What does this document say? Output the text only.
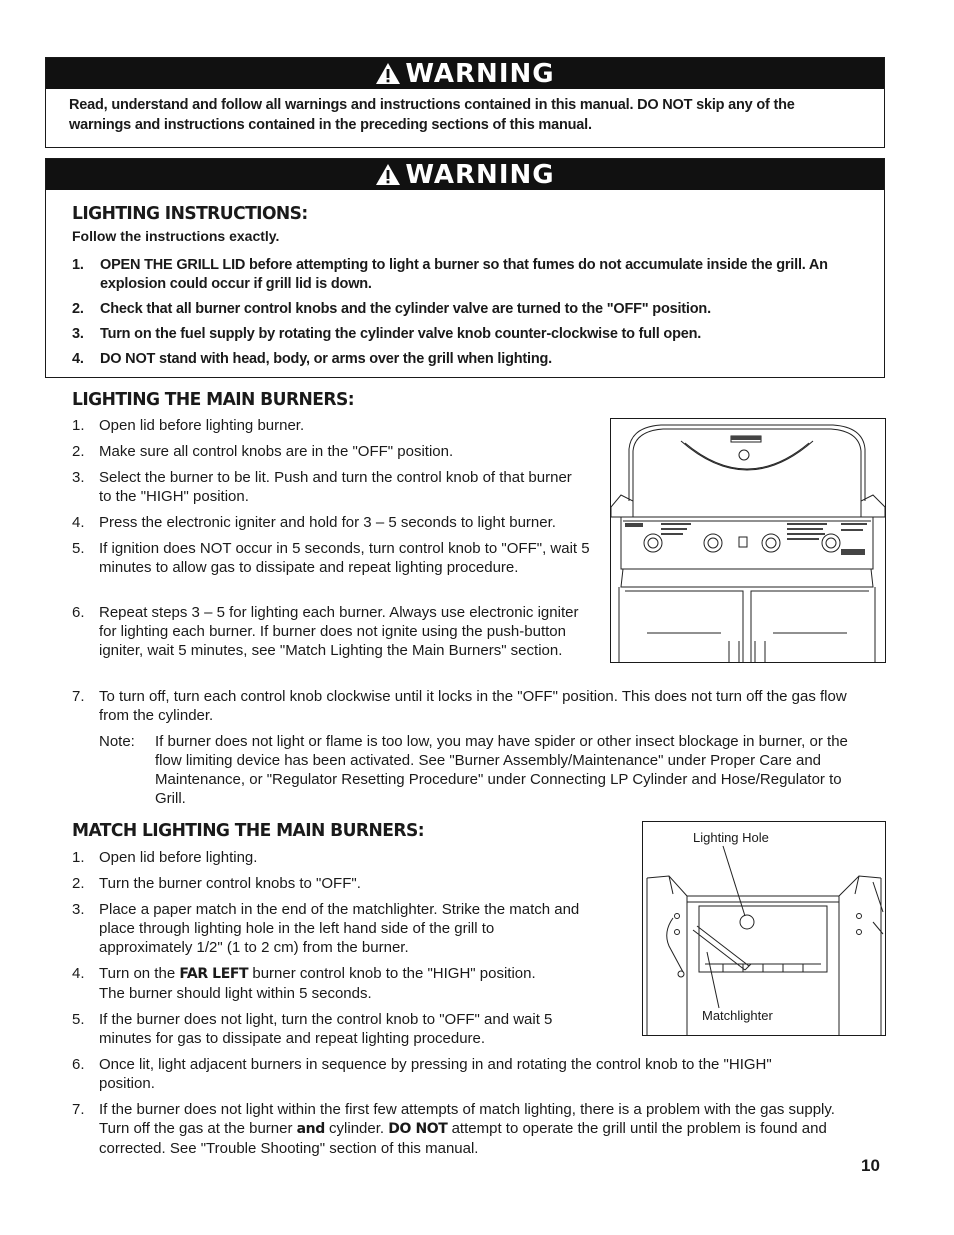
WARNING
Read, understand and follow all warnings and instructions contained in this manual. DO NOT skip any of the warnings and instructions contained in the preceding sections of this manual.
WARNING
LIGHTING INSTRUCTIONS:
Follow the instructions exactly.
1. OPEN THE GRILL LID before attempting to light a burner so that fumes do not accumulate inside the grill. An explosion could occur if grill lid is down.
2. Check that all burner control knobs and the cylinder valve are turned to the "OFF" position.
3. Turn on the fuel supply by rotating the cylinder valve knob counter-clockwise to full open.
4. DO NOT stand with head, body, or arms over the grill when lighting.
LIGHTING THE MAIN BURNERS:
1. Open lid before lighting burner.
2. Make sure all control knobs are in the "OFF" position.
3. Select the burner to be lit. Push and turn the control knob of that burner to the "HIGH" position.
4. Press the electronic igniter and hold for 3 – 5 seconds to light burner.
5. If ignition does NOT occur in 5 seconds, turn control knob to "OFF", wait 5 minutes to allow gas to dissipate and repeat lighting procedure.
6. Repeat steps 3 – 5 for lighting each burner. Always use electronic igniter for lighting each burner. If burner does not ignite using the push-button igniter, wait 5 minutes, see "Match Lighting the Main Burners" section.
7. To turn off, turn each control knob clockwise until it locks in the "OFF" position. This does not turn off the gas flow from the cylinder.
Note: If burner does not light or flame is too low, you may have spider or other insect blockage in burner, or the flow limiting device has been activated. See "Burner Assembly/Maintenance" under Proper Care and Maintenance, or "Regulator Resetting Procedure" under Connecting LP Cylinder and Hose/Regulator to Grill.
MATCH LIGHTING THE MAIN BURNERS:
1. Open lid before lighting.
2. Turn the burner control knobs to "OFF".
3. Place a paper match in the end of the matchlighter. Strike the match and place through lighting hole in the left hand side of the grill to approximately 1/2" (1 to 2 cm) from the burner.
4. Turn on the FAR LEFT burner control knob to the "HIGH" position. The burner should light within 5 seconds.
5. If the burner does not light, turn the control knob to "OFF" and wait 5 minutes for gas to dissipate and repeat lighting procedure.
6. Once lit, light adjacent burners in sequence by pressing in and rotating the control knob to the "HIGH" position.
7. If the burner does not light within the first few attempts of match lighting, there is a problem with the gas supply. Turn off the gas at the burner and cylinder. DO NOT attempt to operate the grill until the problem is found and corrected. See "Trouble Shooting" section of this manual.
Lighting Hole
Matchlighter
10
